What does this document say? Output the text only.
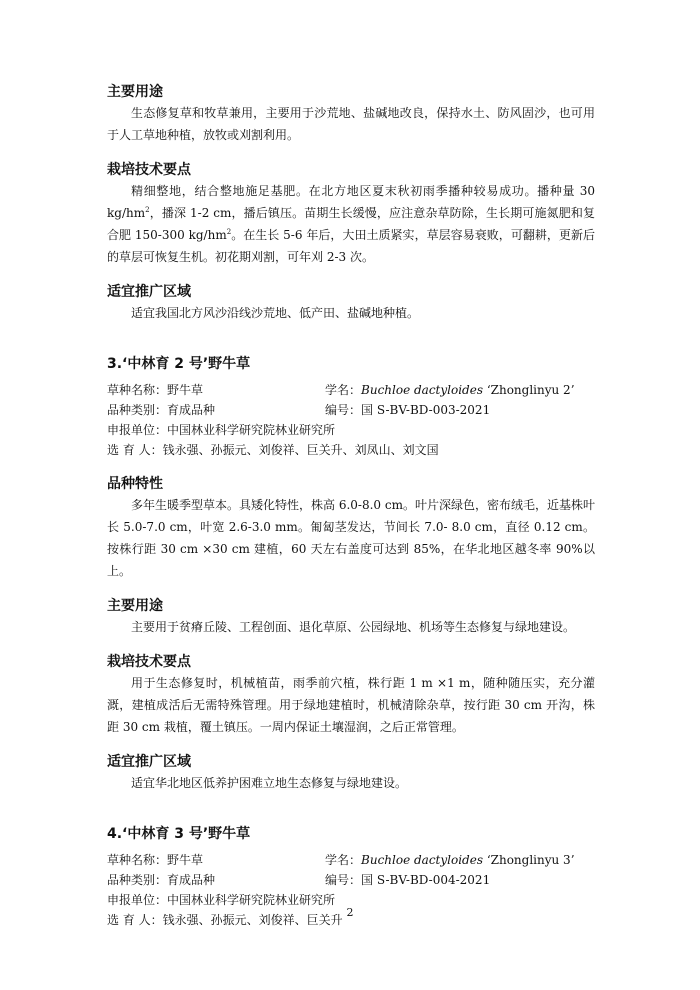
主要用途

生态修复草和牧草兼用，主要用于沙荒地、盐碱地改良，保持水土、防风固沙，也可用于人工草地种植，放牧或刈割利用。

栽培技术要点

精细整地，结合整地施足基肥。在北方地区夏末秋初雨季播种较易成功。播种量 30 $kg/hm^2$，播深 1-2 cm，播后镇压。苗期生长缓慢，应注意杂草防除，生长期可施氮肥和复合肥 150-300 $kg/hm^2$。在生长 5-6 年后，大田土质紧实，草层容易衰败，可翻耕，更新后的草层可恢复生机。初花期刈割，可年刈 2-3 次。

适宜推广区域

适宜我国北方风沙沿线沙荒地、低产田、盐碱地种植。

3.‘中林育 2 号’野牛草
草种名称：野牛草	学名：Buchloe dactyloides ‘Zhonglinyu 2’
品种类别：育成品种	编号：国 S-BV-BD-003-2021
申报单位： 中国林业科学研究院林业研究所
选 育 人： 钱永强、孙振元、刘俊祥、巨关升、刘凤山、刘文国
品种特性

多年生暖季型草本。具矮化特性，株高 6.0-8.0 cm。叶片深绿色，密布绒毛，近基株叶长 5.0-7.0 cm，叶宽 2.6-3.0 mm。匍匐茎发达，节间长 7.0- 8.0 cm，直径 0.12 cm。按株行距 30 cm ×30 cm 建植，60 天左右盖度可达到 85%，在华北地区越冬率 90%以上。

主要用途

主要用于贫瘠丘陵、工程创面、退化草原、公园绿地、机场等生态修复与绿地建设。

栽培技术要点

用于生态修复时，机械植苗，雨季前穴植，株行距 1 m ×1 m，随种随压实，充分灌溉，建植成活后无需特殊管理。用于绿地建植时，机械清除杂草，按行距 30 cm 开沟，株距 30 cm 栽植，覆土镇压。一周内保证土壤湿润，之后正常管理。

适宜推广区域

适宜华北地区低养护困难立地生态修复与绿地建设。

4.‘中林育 3 号’野牛草
草种名称：野牛草	学名：Buchloe dactyloides ‘Zhonglinyu 3’
品种类别：育成品种	编号：国 S-BV-BD-004-2021
申报单位： 中国林业科学研究院林业研究所
选 育 人： 钱永强、孙振元、刘俊祥、巨关升
2
